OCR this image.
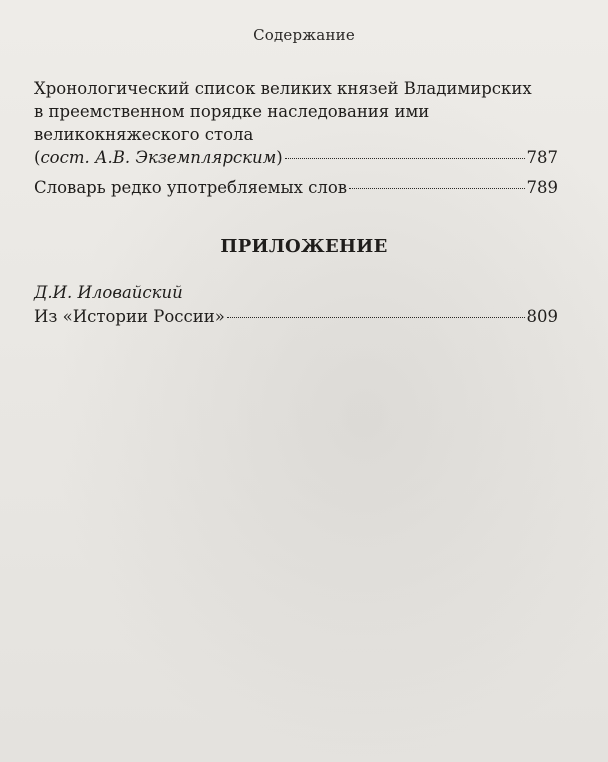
Содержание
Хронологический список великих князей Владимирских
в преемственном порядке наследования ими
великокняжеского стола
(сост. А.В. Экземплярским)	787
Словарь редко употребляемых слов	789
ПРИЛОЖЕНИЕ
Д.И. Иловайский
Из «Истории России»	809
